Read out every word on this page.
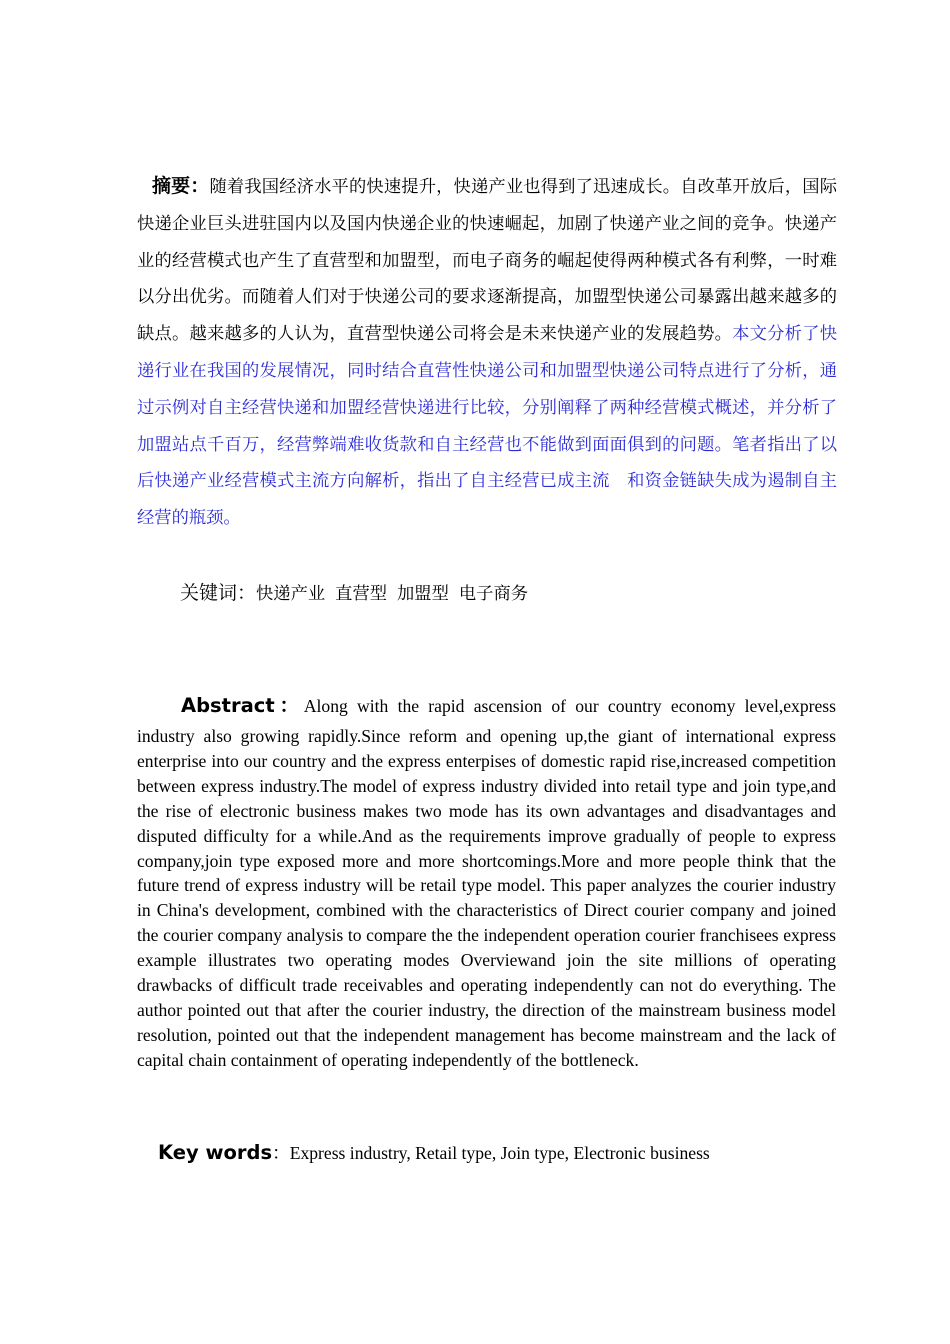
摘要：随着我国经济水平的快速提升，快递产业也得到了迅速成长。自改革开放后，国际快递企业巨头进驻国内以及国内快递企业的快速崛起，加剧了快递产业之间的竞争。快递产业的经营模式也产生了直营型和加盟型，而电子商务的崛起使得两种模式各有利弊，一时难以分出优劣。而随着人们对于快递公司的要求逐渐提高，加盟型快递公司暴露出越来越多的缺点。越来越多的人认为，直营型快递公司将会是未来快递产业的发展趋势。本文分析了快递行业在我国的发展情况，同时结合直营性快递公司和加盟型快递公司特点进行了分析，通过示例对自主经营快递和加盟经营快递进行比较，分别阐释了两种经营模式概述，并分析了加盟站点千百万，经营弊端难收货款和自主经营也不能做到面面俱到的问题。笔者指出了以后快递产业经营模式主流方向解析，指出了自主经营已成主流　和资金链缺失成为遏制自主经营的瓶颈。

关键词：快递产业 直营型 加盟型 电子商务

Abstract：Along with the rapid ascension of our country economy level,express
industry also growing rapidly.Since reform and opening up,the giant of international express enterprise into our country and the express enterpises of domestic rapid rise,increased competition between express industry.The model of express industry divided into retail type and join type,and the rise of electronic business makes two mode has its own advantages and disadvantages and disputed difficulty for a while.And as the requirements improve gradually of people to express company,join type exposed more and more shortcomings.More and more people think that the future trend of express industry will be retail type model. This paper analyzes the courier industry in China's development, combined with the characteristics of Direct courier company and joined the courier company analysis to compare the the independent operation courier franchisees express example illustrates two operating modes Overviewand join the site millions of operating drawbacks of difficult trade receivables and operating independently can not do everything. The author pointed out that after the courier industry, the direction of the mainstream business model resolution, pointed out that the independent management has become mainstream and the lack of capital chain containment of operating independently of the bottleneck.

Key words：Express industry, Retail type, Join type, Electronic business
